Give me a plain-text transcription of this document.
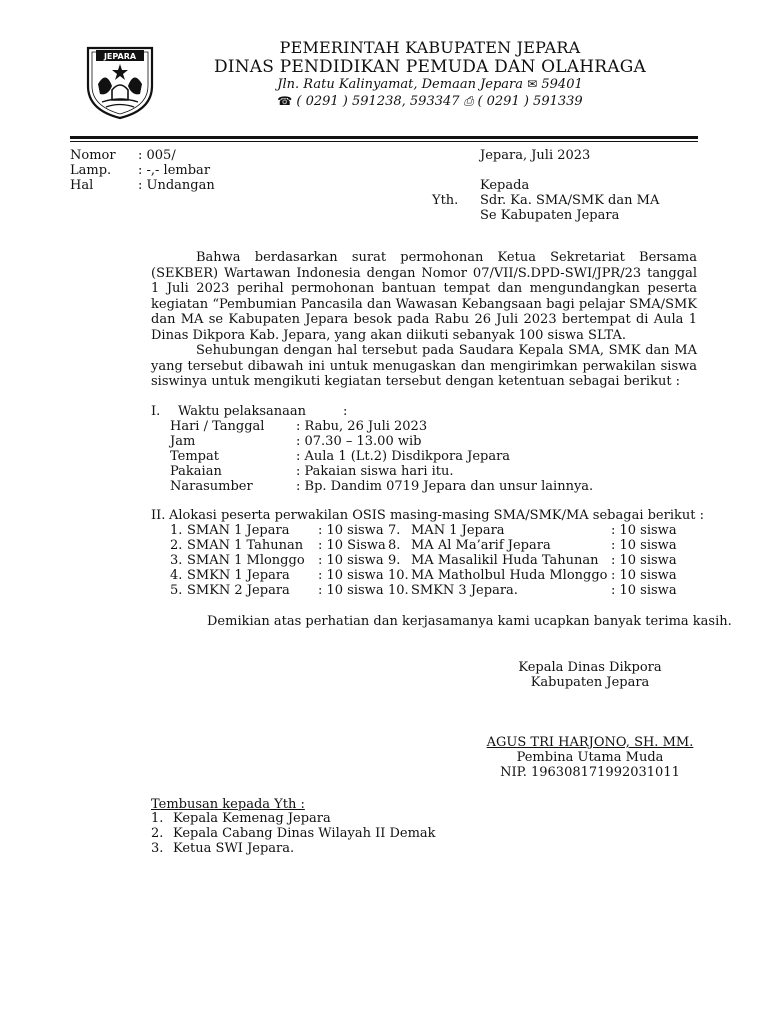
JEPARA	PEMERINTAH KABUPATEN JEPARA
DINAS PENDIDIKAN PEMUDA DAN OLAHRAGA
Jln. Ratu Kalinyamat, Demaan Jepara ✉ 59401
☎ ( 0291 ) 591238, 593347 ⎙ ( 0291 ) 591339
Nomor : 005/
Lamp. : -,- lembar
Hal	: Undangan
Jepara, Juli 2023
Kepada
Yth. Sdr. Ka. SMA/SMK dan MA
Se Kabupaten Jepara
Bahwa berdasarkan surat permohonan Ketua Sekretariat Bersama (SEKBER) Wartawan Indonesia dengan Nomor 07/VII/S.DPD-SWI/JPR/23 tanggal 1 Juli 2023 perihal permohonan bantuan tempat dan mengundangkan peserta kegiatan “Pembumian Pancasila dan Wawasan Kebangsaan bagi pelajar SMA/SMK dan MA se Kabupaten Jepara besok pada Rabu 26 Juli 2023 bertempat di Aula 1 Dinas Dikpora Kab. Jepara, yang akan diikuti sebanyak 100 siswa SLTA.
Sehubungan dengan hal tersebut pada Saudara Kepala SMA, SMK dan MA yang tersebut dibawah ini untuk menugaskan dan mengirimkan perwakilan siswa siswinya untuk mengikuti kegiatan tersebut dengan ketentuan sebagai berikut :
I. Waktu pelaksanaan	:
Hari / Tanggal : Rabu, 26 Juli 2023
Jam	: 07.30 – 13.00 wib
Tempat	: Aula 1 (Lt.2) Disdikpora Jepara
Pakaian	: Pakaian siswa hari itu.
Narasumber	: Bp. Dandim 0719 Jepara dan unsur lainnya.
II. Alokasi peserta perwakilan OSIS masing-masing SMA/SMK/MA sebagai berikut :
1. SMAN 1 Jepara : 10 siswa
2. SMAN 1 Tahunan : 10 Siswa
3. SMAN 1 Mlonggo : 10 siswa
4. SMKN 1 Jepara : 10 siswa
5. SMKN 2 Jepara : 10 siswa
7. MAN 1 Jepara	: 10 siswa
8. MA Al Ma’arif Jepara	: 10 siswa
9. MA Masalikil Huda Tahunan : 10 siswa
10. MA Matholbul Huda Mlonggo : 10 siswa
10. SMKN 3 Jepara.	: 10 siswa
Demikian atas perhatian dan kerjasamanya kami ucapkan banyak terima kasih.
Kepala Dinas Dikpora
Kabupaten Jepara
AGUS TRI HARJONO, SH. MM.
Pembina Utama Muda
NIP. 196308171992031011
Tembusan kepada Yth :
1. Kepala Kemenag Jepara
2. Kepala Cabang Dinas Wilayah II Demak
3. Ketua SWI Jepara.
